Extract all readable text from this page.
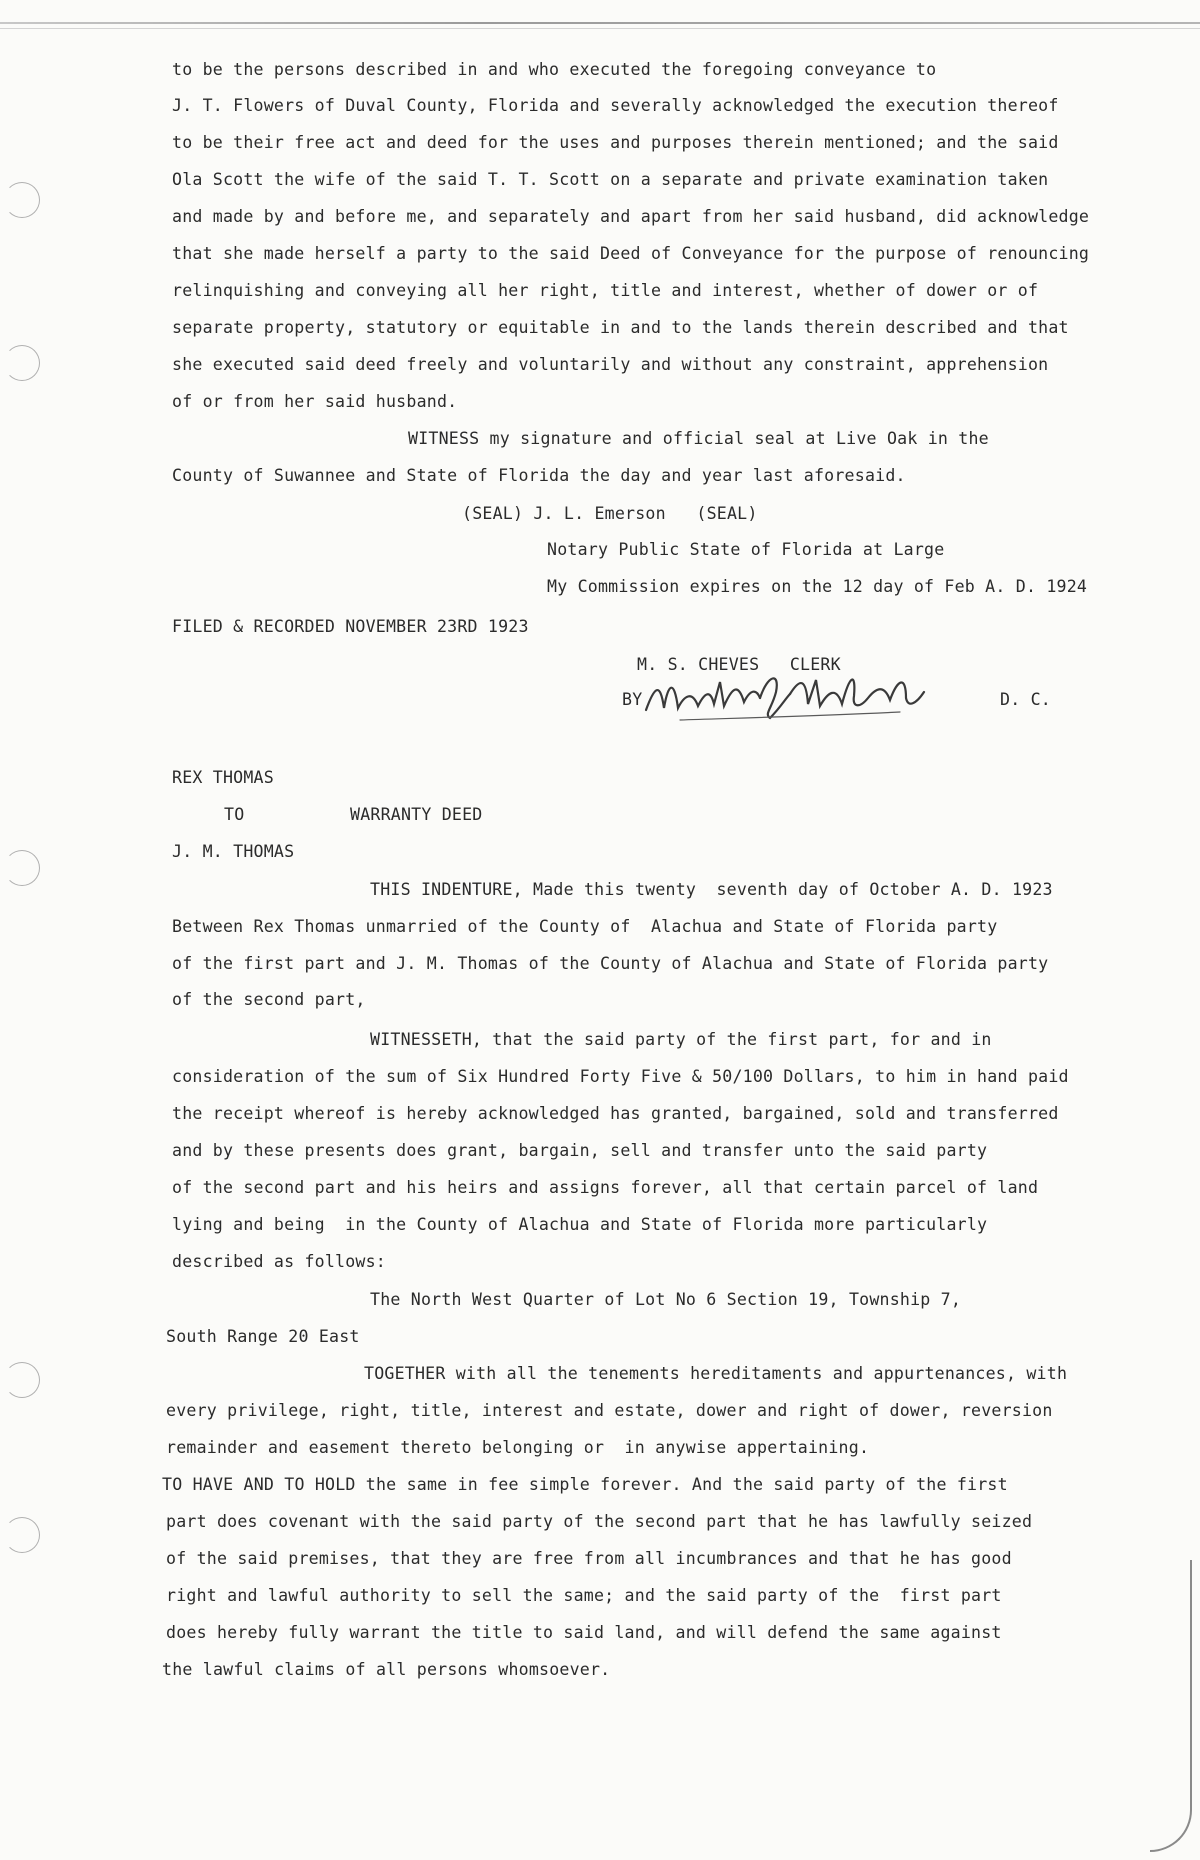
to be the persons described in and who executed the foregoing conveyance to
J. T. Flowers of Duval County, Florida and severally acknowledged the execution thereof
to be their free act and deed for the uses and purposes therein mentioned; and the said
Ola Scott the wife of the said T. T. Scott on a separate and private examination taken
and made by and before me, and separately and apart from her said husband, did acknowledge
that she made herself a party to the said Deed of Conveyance for the purpose of renouncing
relinquishing and conveying all her right, title and interest, whether of dower or of
separate property, statutory or equitable in and to the lands therein described and that
she executed said deed freely and voluntarily and without any constraint, apprehension
of or from her said husband.
WITNESS my signature and official seal at Live Oak in the
County of Suwannee and State of Florida the day and year last aforesaid.
(SEAL) J. L. Emerson   (SEAL)
Notary Public State of Florida at Large
My Commission expires on the 12 day of Feb A. D. 1924
FILED & RECORDED NOVEMBER 23RD 1923
M. S. CHEVES   CLERK
BY	D. C.
REX THOMAS
TO	WARRANTY DEED
J. M. THOMAS
THIS INDENTURE, Made this twenty  seventh day of October A. D. 1923
Between Rex Thomas unmarried of the County of  Alachua and State of Florida party
of the first part and J. M. Thomas of the County of Alachua and State of Florida party
of the second part,
WITNESSETH, that the said party of the first part, for and in
consideration of the sum of Six Hundred Forty Five & 50/100 Dollars, to him in hand paid
the receipt whereof is hereby acknowledged has granted, bargained, sold and transferred
and by these presents does grant, bargain, sell and transfer unto the said party
of the second part and his heirs and assigns forever, all that certain parcel of land
lying and being  in the County of Alachua and State of Florida more particularly
described as follows:
The North West Quarter of Lot No 6 Section 19, Township 7,
South Range 20 East
TOGETHER with all the tenements hereditaments and appurtenances, with
every privilege, right, title, interest and estate, dower and right of dower, reversion
remainder and easement thereto belonging or  in anywise appertaining.
TO HAVE AND TO HOLD the same in fee simple forever. And the said party of the first
part does covenant with the said party of the second part that he has lawfully seized
of the said premises, that they are free from all incumbrances and that he has good
right and lawful authority to sell the same; and the said party of the  first part
does hereby fully warrant the title to said land, and will defend the same against
the lawful claims of all persons whomsoever.
